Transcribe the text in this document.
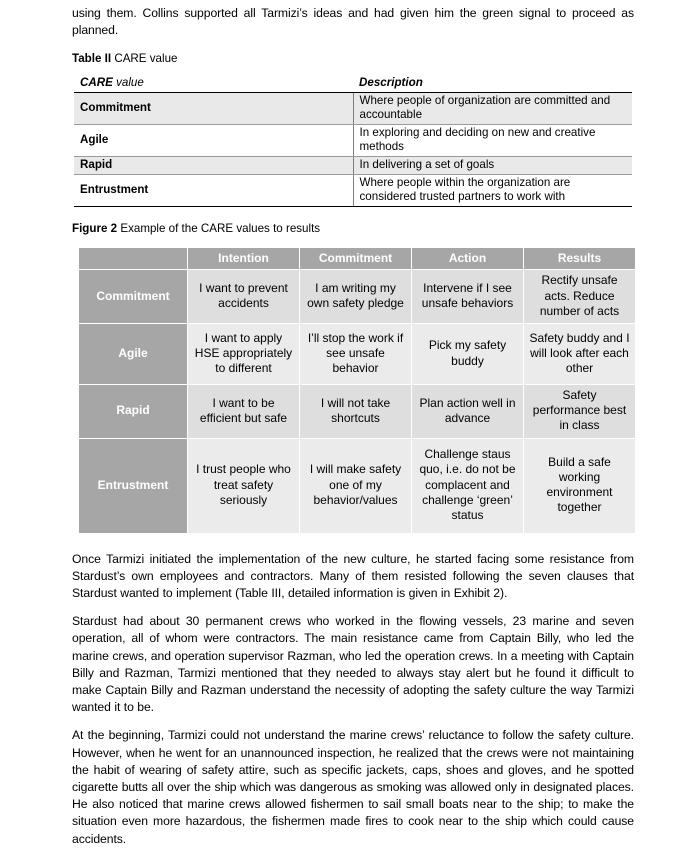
using them. Collins supported all Tarmizi’s ideas and had given him the green signal to proceed as planned.

Table II CARE value
CARE value	Description
Commitment	Where people of organization are committed and accountable
Agile	In exploring and deciding on new and creative methods
Rapid	In delivering a set of goals
Entrustment	Where people within the organization are considered trusted partners to work with
Figure 2 Example of the CARE values to results
	Intention	Commitment	Action	Results
Commitment	I want to prevent accidents	I am writing my own safety pledge	Intervene if I see unsafe behaviors	Rectify unsafe acts. Reduce number of acts
Agile	I want to apply HSE appropriately to different	I’ll stop the work if see unsafe behavior	Pick my safety buddy	Safety buddy and I will look after each other
Rapid	I want to be efficient but safe	I will not take shortcuts	Plan action well in advance	Safety performance best in class
Entrustment	I trust people who treat safety seriously	I will make safety one of my behavior/values	Challenge staus quo, i.e. do not be complacent and challenge ‘green’ status	Build a safe working environment together

Once Tarmizi initiated the implementation of the new culture, he started facing some resistance from Stardust’s own employees and contractors. Many of them resisted following the seven clauses that Stardust wanted to implement (Table III, detailed information is given in Exhibit 2).

Stardust had about 30 permanent crews who worked in the flowing vessels, 23 marine and seven operation, all of whom were contractors. The main resistance came from Captain Billy, who led the marine crews, and operation supervisor Razman, who led the operation crews. In a meeting with Captain Billy and Razman, Tarmizi mentioned that they needed to always stay alert but he found it difficult to make Captain Billy and Razman understand the necessity of adopting the safety culture the way Tarmizi wanted it to be.

At the beginning, Tarmizi could not understand the marine crews’ reluctance to follow the safety culture. However, when he went for an unannounced inspection, he realized that the crews were not maintaining the habit of wearing of safety attire, such as specific jackets, caps, shoes and gloves, and he spotted cigarette butts all over the ship which was dangerous as smoking was allowed only in designated places. He also noticed that marine crews allowed fishermen to sail small boats near to the ship; to make the situation even more hazardous, the fishermen made fires to cook near to the ship which could cause accidents.
